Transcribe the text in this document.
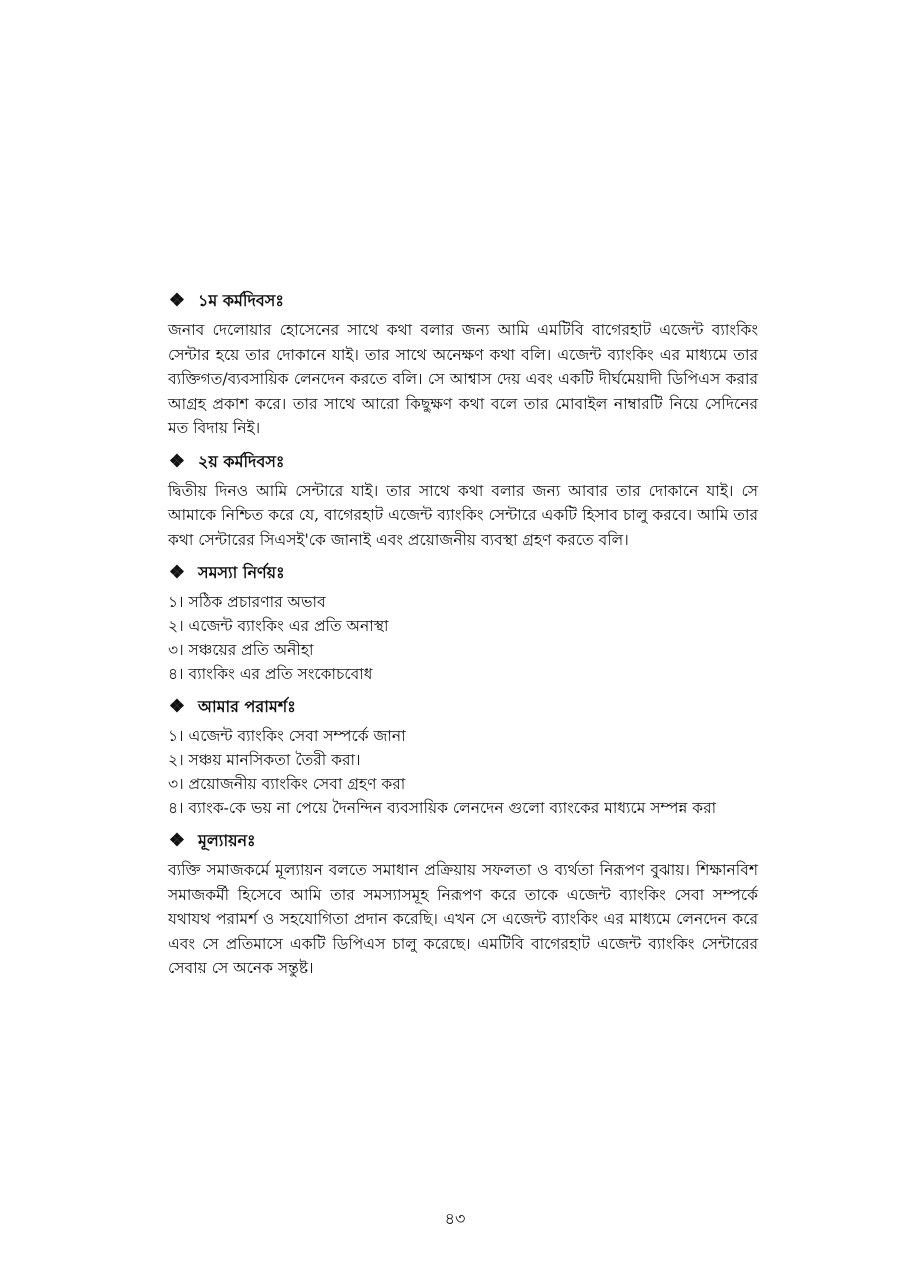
❖ ১ম কর্মদিবসঃ

জনাব দেলোয়ার হোসেনের সাথে কথা বলার জন্য আমি এমটিবি বাগেরহাট এজেন্ট ব্যাংকিং সেন্টার হয়ে তার দোকানে যাই। তার সাথে অনেক্ষণ কথা বলি। এজেন্ট ব্যাংকিং এর মাধ্যমে তার ব্যক্তিগত/ব্যবসায়িক লেনদেন করতে বলি। সে আশ্বাস দেয় এবং একটি দীর্ঘমেয়াদী ডিপিএস করার আগ্রহ প্রকাশ করে। তার সাথে আরো কিছুক্ষণ কথা বলে তার মোবাইল নাম্বারটি নিয়ে সেদিনের মত বিদায় নিই।

❖ ২য় কর্মদিবসঃ

দ্বিতীয় দিনও আমি সেন্টারে যাই। তার সাথে কথা বলার জন্য আবার তার দোকানে যাই। সে আমাকে নিশ্চিত করে যে, বাগেরহাট এজেন্ট ব্যাংকিং সেন্টারে একটি হিসাব চালু করবে। আমি তার কথা সেন্টারের সিএসই'কে জানাই এবং প্রয়োজনীয় ব্যবস্থা গ্রহণ করতে বলি।

❖ সমস্যা নির্ণয়ঃ
১। সঠিক প্রচারণার অভাব
২। এজেন্ট ব্যাংকিং এর প্রতি অনাস্থা
৩। সঞ্চয়ের প্রতি অনীহা
৪। ব্যাংকিং এর প্রতি সংকোচবোধ
❖ আমার পরামর্শঃ
১। এজেন্ট ব্যাংকিং সেবা সম্পর্কে জানা
২। সঞ্চয় মানসিকতা তৈরী করা।
৩। প্রয়োজনীয় ব্যাংকিং সেবা গ্রহণ করা
৪। ব্যাংক-কে ভয় না পেয়ে দৈনন্দিন ব্যবসায়িক লেনদেন গুলো ব্যাংকের মাধ্যমে সম্পন্ন করা
❖ মূল্যায়নঃ

ব্যক্তি সমাজকর্মে মূল্যায়ন বলতে সমাধান প্রক্রিয়ায় সফলতা ও ব্যর্থতা নিরূপণ বুঝায়। শিক্ষানবিশ সমাজকর্মী হিসেবে আমি তার সমস্যাসমূহ নিরূপণ করে তাকে এজেন্ট ব্যাংকিং সেবা সম্পর্কে যথাযথ পরামর্শ ও সহযোগিতা প্রদান করেছি। এখন সে এজেন্ট ব্যাংকিং এর মাধ্যমে লেনদেন করে এবং সে প্রতিমাসে একটি ডিপিএস চালু করেছে। এমটিবি বাগেরহাট এজেন্ট ব্যাংকিং সেন্টারের সেবায় সে অনেক সন্তুষ্ট।

৪৩
